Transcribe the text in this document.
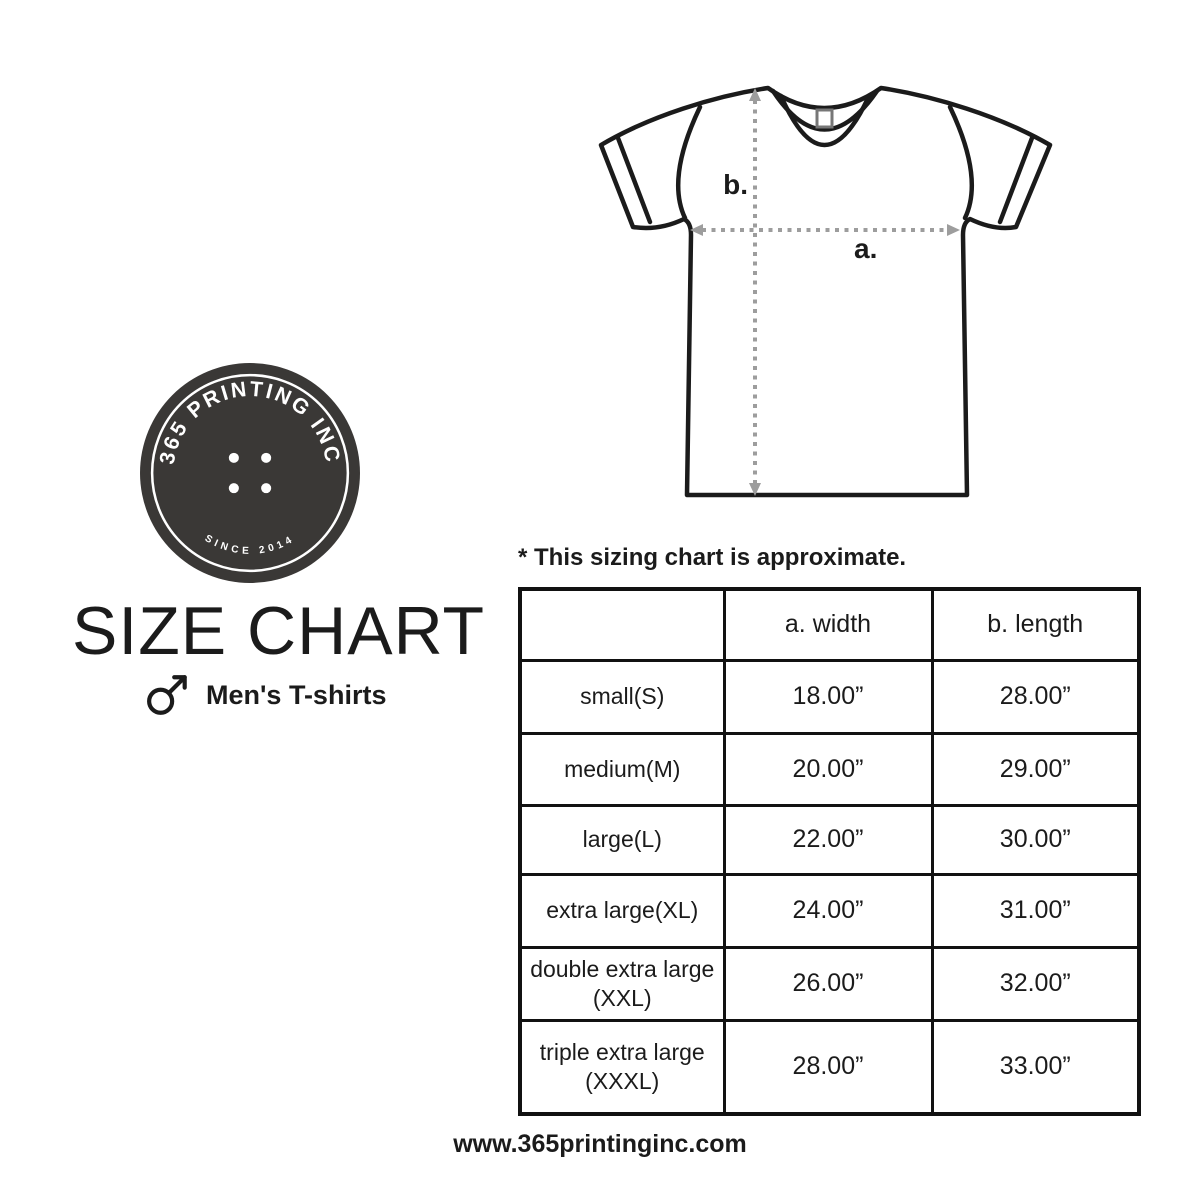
b.
a.
365 PRINTING INC
SINCE 2014
SIZE CHART
Men's T-shirts
* This sizing chart is approximate.
	a. width	b. length
small(S)	18.00”	28.00”
medium(M)	20.00”	29.00”
large(L)	22.00”	30.00”
extra large(XL)	24.00”	31.00”
double extra large
(XXL)	26.00”	32.00”
triple extra large
(XXXL)	28.00”	33.00”
www.365printinginc.com
